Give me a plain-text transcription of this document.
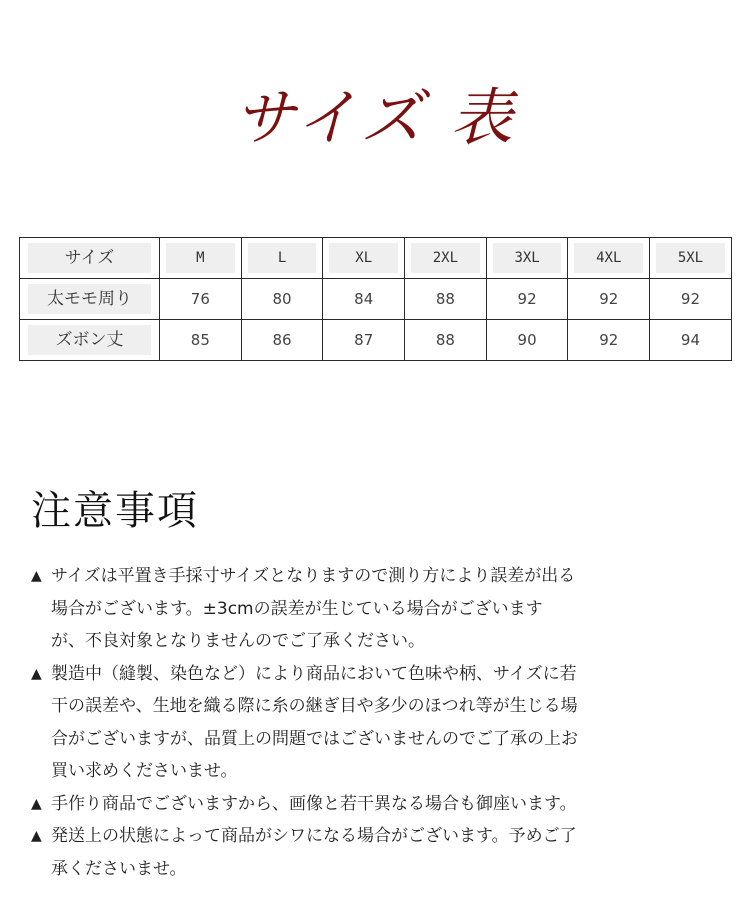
サイズ 表
サイズ	M	L	XL	2XL	3XL	4XL	5XL

太モモ周り	76	80	84	88	92	92	92

ズボン丈	85	86	87	88	90	92	94
注意事項
▲ サイズは平置き手採寸サイズとなりますので測り方により誤差が出る
場合がございます。±3cmの誤差が生じている場合がございます
が、不良対象となりませんのでご了承ください。
▲ 製造中（縫製、染色など）により商品において色味や柄、サイズに若
干の誤差や、生地を織る際に糸の継ぎ目や多少のほつれ等が生じる場
合がございますが、品質上の問題ではございませんのでご了承の上お
買い求めくださいませ。
▲ 手作り商品でございますから、画像と若干異なる場合も御座います。
▲ 発送上の状態によって商品がシワになる場合がございます。予めご了
承くださいませ。
